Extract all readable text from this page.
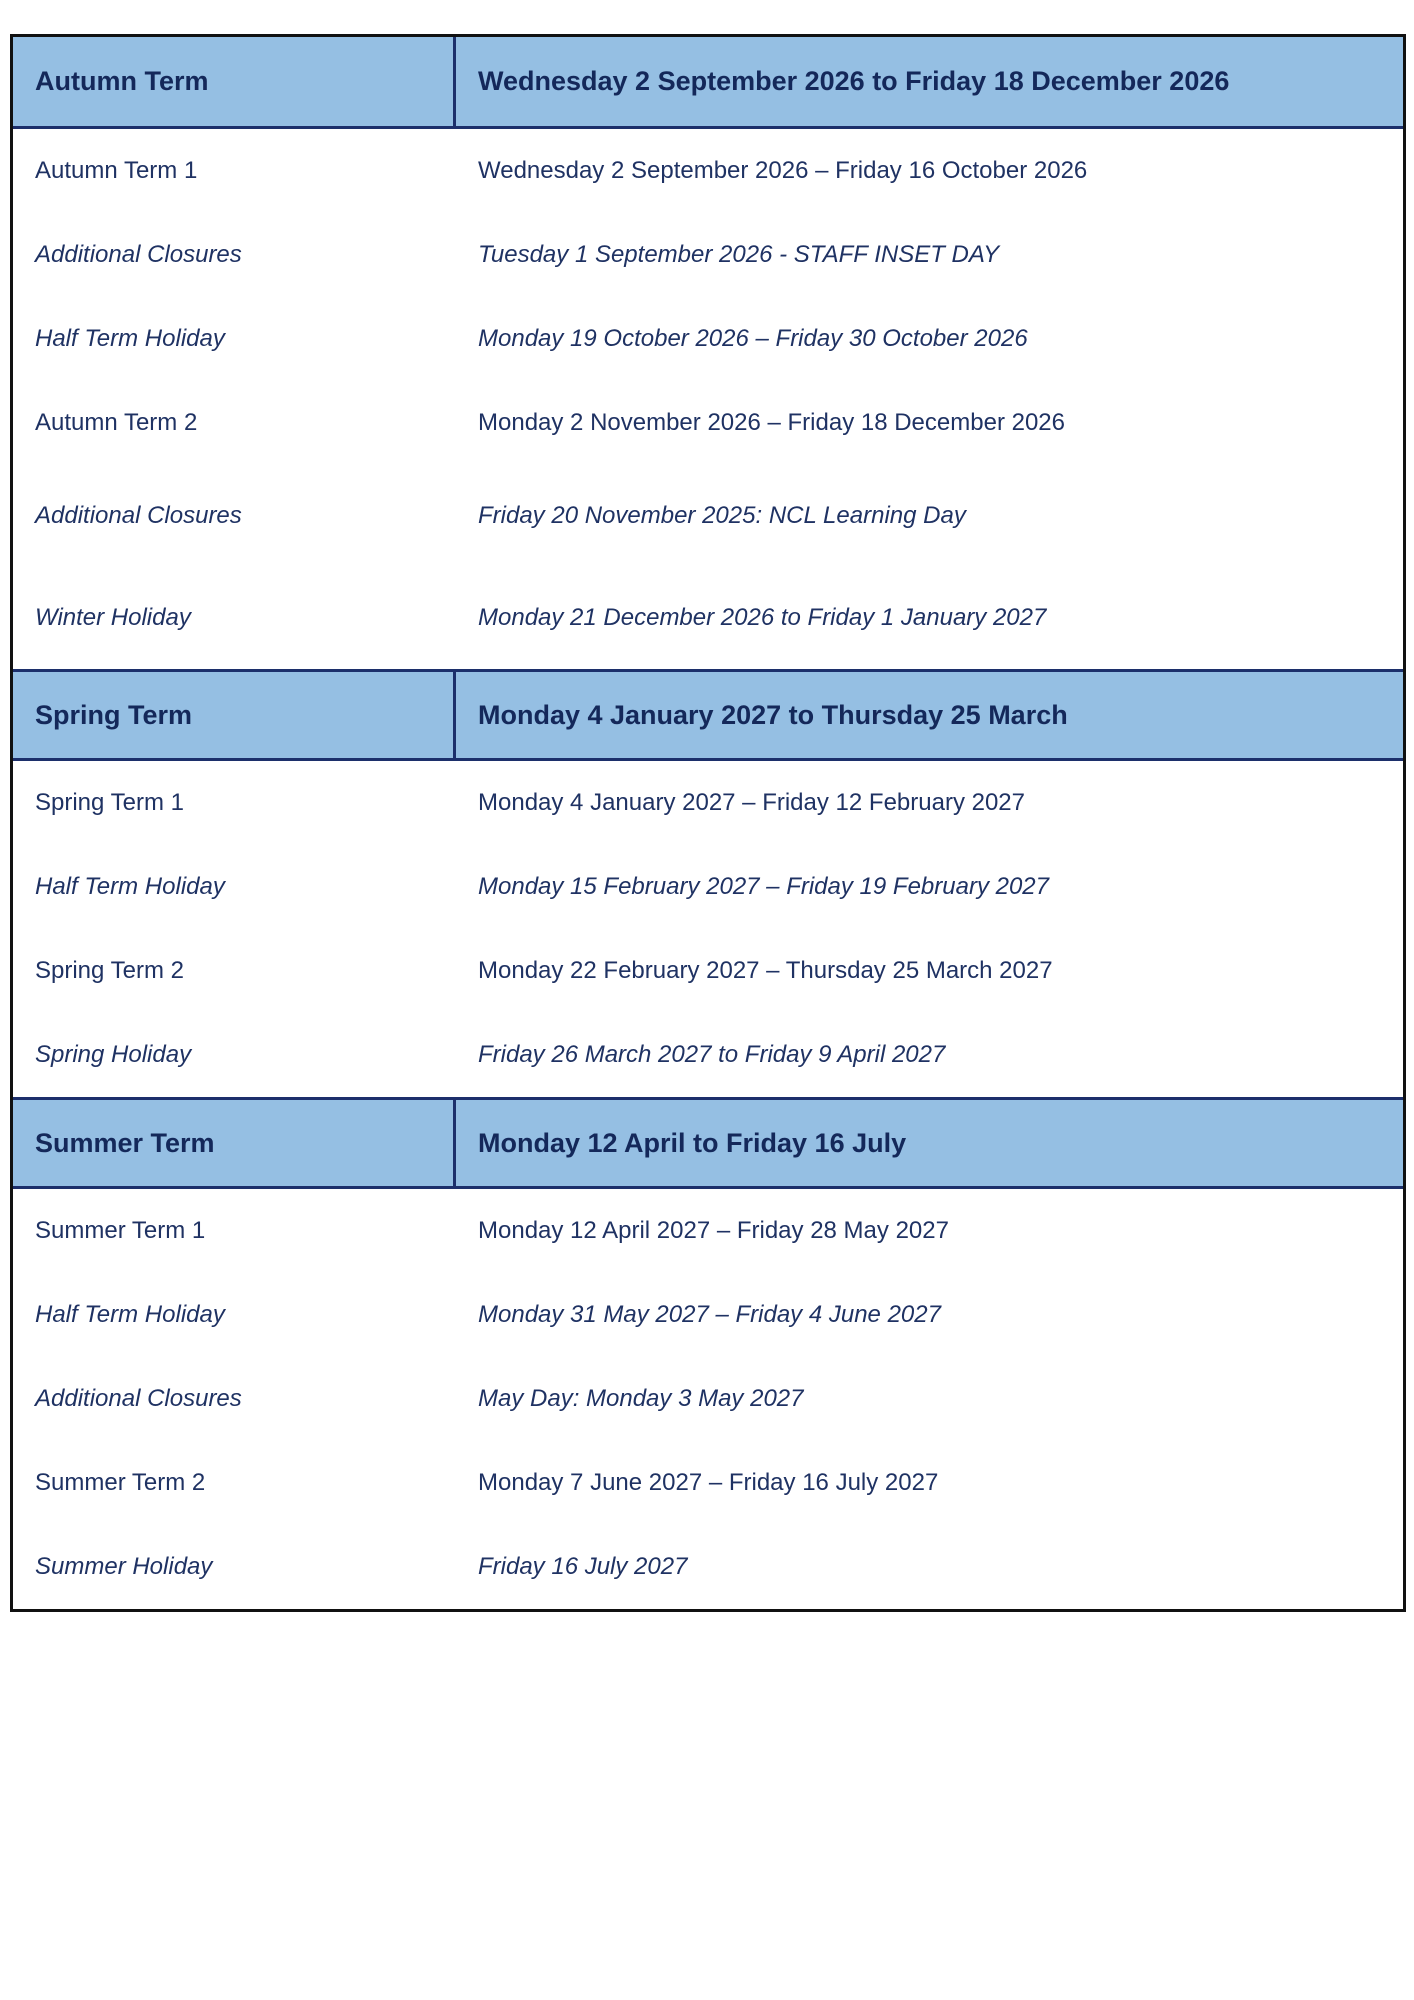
Autumn Term	Wednesday 2 September 2026 to Friday 18 December 2026
Autumn Term 1	Wednesday 2 September 2026 – Friday 16 October 2026
Additional Closures	Tuesday 1 September 2026 - STAFF INSET DAY
Half Term Holiday	Monday 19 October 2026 – Friday 30 October 2026
Autumn Term 2	Monday 2 November 2026 – Friday 18 December 2026
Additional Closures	Friday 20 November 2025: NCL Learning Day
Winter Holiday	Monday 21 December 2026 to Friday 1 January 2027
Spring Term	Monday 4 January 2027 to Thursday 25 March
Spring Term 1	Monday 4 January 2027 – Friday 12 February 2027
Half Term Holiday	Monday 15 February 2027 – Friday 19 February 2027
Spring Term 2	Monday 22 February 2027 – Thursday 25 March 2027
Spring Holiday	Friday 26 March 2027 to Friday 9 April 2027
Summer Term	Monday 12 April to Friday 16 July
Summer Term 1	Monday 12 April 2027 – Friday 28 May 2027
Half Term Holiday	Monday 31 May 2027 – Friday 4 June 2027
Additional Closures	May Day: Monday 3 May 2027
Summer Term 2	Monday 7 June 2027 – Friday 16 July 2027
Summer Holiday	Friday 16 July 2027
